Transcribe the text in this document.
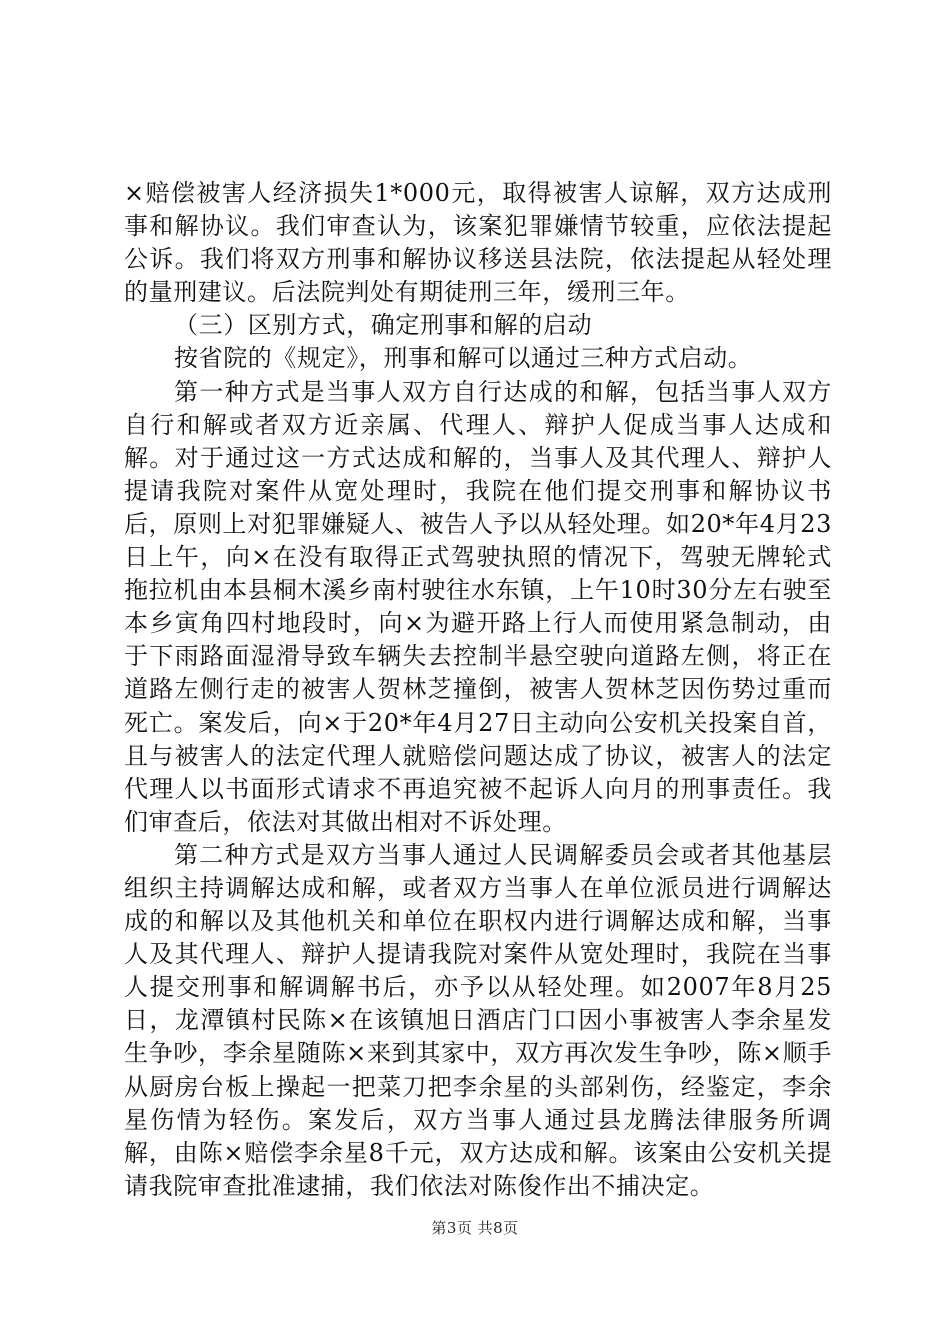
×赔偿被害人经济损失1*000元，取得被害人谅解，双方达成刑事和解协议。我们审查认为，该案犯罪嫌情节较重，应依法提起公诉。我们将双方刑事和解协议移送县法院，依法提起从轻处理的量刑建议。后法院判处有期徒刑三年，缓刑三年。

（三）区别方式，确定刑事和解的启动

按省院的《规定》，刑事和解可以通过三种方式启动。

第一种方式是当事人双方自行达成的和解，包括当事人双方自行和解或者双方近亲属、代理人、辩护人促成当事人达成和解。对于通过这一方式达成和解的，当事人及其代理人、辩护人提请我院对案件从宽处理时，我院在他们提交刑事和解协议书后，原则上对犯罪嫌疑人、被告人予以从轻处理。如20*年4月23日上午，向×在没有取得正式驾驶执照的情况下，驾驶无牌轮式拖拉机由本县桐木溪乡南村驶往水东镇，上午10时30分左右驶至本乡寅角四村地段时，向×为避开路上行人而使用紧急制动，由于下雨路面湿滑导致车辆失去控制半悬空驶向道路左侧，将正在道路左侧行走的被害人贺林芝撞倒，被害人贺林芝因伤势过重而死亡。案发后，向×于20*年4月27日主动向公安机关投案自首，且与被害人的法定代理人就赔偿问题达成了协议，被害人的法定代理人以书面形式请求不再追究被不起诉人向月的刑事责任。我们审查后，依法对其做出相对不诉处理。

第二种方式是双方当事人通过人民调解委员会或者其他基层组织主持调解达成和解，或者双方当事人在单位派员进行调解达成的和解以及其他机关和单位在职权内进行调解达成和解，当事人及其代理人、辩护人提请我院对案件从宽处理时，我院在当事人提交刑事和解调解书后，亦予以从轻处理。如2007年8月25日，龙潭镇村民陈×在该镇旭日酒店门口因小事被害人李余星发生争吵，李余星随陈×来到其家中，双方再次发生争吵，陈×顺手从厨房台板上操起一把菜刀把李余星的头部剁伤，经鉴定，李余星伤情为轻伤。案发后，双方当事人通过县龙腾法律服务所调解，由陈×赔偿李余星8千元，双方达成和解。该案由公安机关提请我院审查批准逮捕，我们依法对陈俊作出不捕决定。

第3页 共8页
